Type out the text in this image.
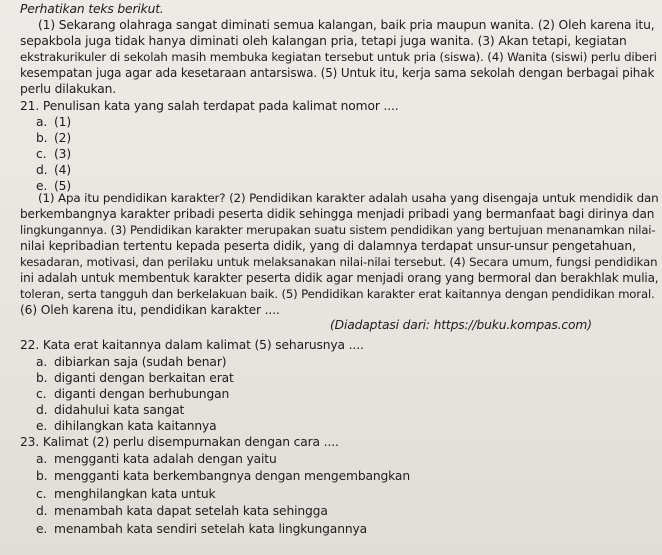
Perhatikan teks berikut.
(1) Sekarang olahraga sangat diminati semua kalangan, baik pria maupun wanita. (2) Oleh karena itu,
sepakbola juga tidak hanya diminati oleh kalangan pria, tetapi juga wanita. (3) Akan tetapi, kegiatan
ekstrakurikuler di sekolah masih membuka kegiatan tersebut untuk pria (siswa). (4) Wanita (siswi) perlu diberi
kesempatan juga agar ada kesetaraan antarsiswa. (5) Untuk itu, kerja sama sekolah dengan berbagai pihak
perlu dilakukan.
21. Penulisan kata yang salah terdapat pada kalimat nomor ....
a. (1)
b. (2)
c. (3)
d. (4)
e. (5)
(1) Apa itu pendidikan karakter? (2) Pendidikan karakter adalah usaha yang disengaja untuk mendidik dan
berkembangnya karakter pribadi peserta didik sehingga menjadi pribadi yang bermanfaat bagi dirinya dan
lingkungannya. (3) Pendidikan karakter merupakan suatu sistem pendidikan yang bertujuan menanamkan nilai-
nilai kepribadian tertentu kepada peserta didik, yang di dalamnya terdapat unsur-unsur pengetahuan,
kesadaran, motivasi, dan perilaku untuk melaksanakan nilai-nilai tersebut. (4) Secara umum, fungsi pendidikan
ini adalah untuk membentuk karakter peserta didik agar menjadi orang yang bermoral dan berakhlak mulia,
toleran, serta tangguh dan berkelakuan baik. (5) Pendidikan karakter erat kaitannya dengan pendidikan moral.
(6) Oleh karena itu, pendidikan karakter ....
(Diadaptasi dari: https://buku.kompas.com)
22. Kata erat kaitannya dalam kalimat (5) seharusnya ....
a. dibiarkan saja (sudah benar)
b. diganti dengan berkaitan erat
c. diganti dengan berhubungan
d. didahului kata sangat
e. dihilangkan kata kaitannya
23. Kalimat (2) perlu disempurnakan dengan cara ....
a. mengganti kata adalah dengan yaitu
b. mengganti kata berkembangnya dengan mengembangkan
c. menghilangkan kata untuk
d. menambah kata dapat setelah kata sehingga
e. menambah kata sendiri setelah kata lingkungannya
